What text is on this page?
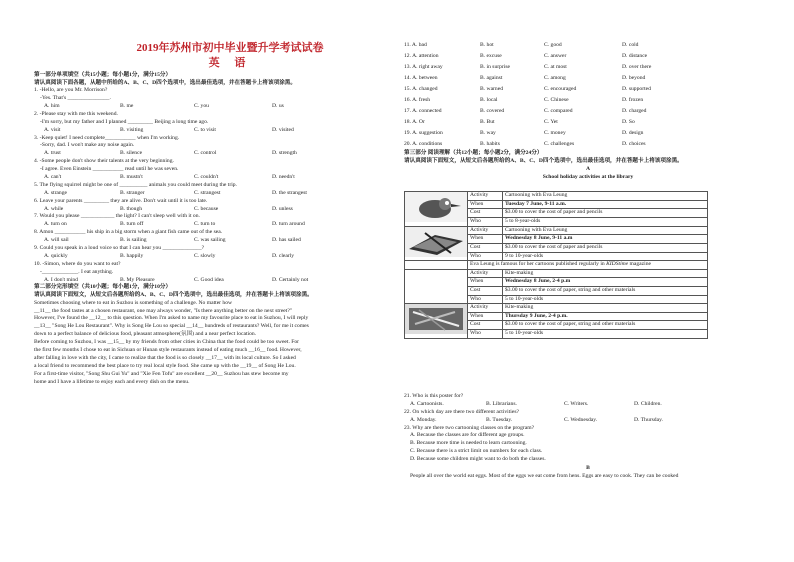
2019年苏州市初中毕业暨升学考试试卷
英 语
第一部分单项填空（共15小题；每小题1分，满分15分）
请认真阅读下面各题，从题中所给的A、B、C、D四个选项中，选出最佳选项，并在答题卡上将该项涂黑。
1. -Hello, are you Mr. Morrison?
-Yes. That's _______________.
A. him	B. me	C. you	D. us
2. -Please stay with me this weekend.
-I'm sorry, but my father and I planned _________ Beijing a long time ago.
A. visit	B. visiting	C. to visit	D. visited
3. -Keep quiet! I need complete___________ when I'm working.
-Sorry, dad. I won't make any noise again.
A. trust	B. silence	C. control	D. strength
4. -Some people don't show their talents at the very beginning.
-I agree. Even Einstein ___________ read until he was seven.
A. can't	B. mustn't	C. couldn't	D. needn't
5. The flying squirrel might be one of __________ animals you could meet during the trip.
A. strange	B. stranger	C. strangest	D. the strangest
6. Leave your parents _________ they are alive. Don't wait until it is too late.
A. while	B. though	C. because	D. unless
7. Would you please ____________ the light? I can't sleep well with it on.
A. turn on	B. turn off	C. turn to	D. turn around
8. Amon ___________ his ship in a big storm when a giant fish came out of the sea.
A. will sail	B. is sailing	C. was sailing	D. has sailed
9. Could you speak in a loud voice so that I can hear you ______________?
A. quickly	B. happily	C. slowly	D. clearly
10. -Simon, where do you want to eat?
-_____________. I eat anything.
A. I don't mind	B. My Pleasure	C. Good idea	D. Certainly not
第二部分完形填空（共10小题；每小题1分，满分10分）
请认真阅读下面短文，从短文后各题所给的A、B、C、D四个选项中，选出最佳选项，并在答题卡上将该项涂黑。
Sometimes choosing where to eat in Suzhou is something of a challenge. No matter how
__11__ the food tastes at a chosen restaurant, one may always wonder, "Is there anything better on the next street?"
However, I've found the __12__ to this question. When I'm asked to name my favourite place to eat in Suzhou, I will reply
__13__ "Song He Lou Restaurant". Why is Song He Lou so special __14__ hundreds of restaurants? Well, for me it comes
down to a perfect balance of delicious food, pleasant atmosphere(氛围) and a near perfect location.
Before coming to Suzhou, I was __15__ by my friends from other cities in China that the food could be too sweet. For
the first few months I chose to eat in Sichuan or Hunan style restaurants instead of eating much __16__ food. However,
after falling in love with the city, I came to realize that the food is so closely __17__ with its local culture. So I asked
a local friend to recommend the best place to try real local style food. She came up with the __19__ of Song He Lou.
For a first-time visitor, "Song Shu Gui Yu" and "Xie Fen Tofu" are excellent __20__ Suzhou has stew become my
home and I have a lifetime to enjoy each and every dish on the menu.
11. A. bad	B. hot	C. good	D. cold
12. A. attention	B. excuse	C. answer	D. distance
13. A. right away	B. in surprise	C. at most	D. over there
14. A. between	B. against	C. among	D. beyond
15. A. changed	B. warned	C. encouraged	D. supported
16. A. fresh	B. local	C. Chinese	D. frozen
17. A. connected	B. covered	C. compared	D. charged
18. A. Or	B. But	C. Yet	D. So
19. A. suggestion	B. way	C. money	D. design
20. A. conditions	B. habits	C. challenges	D. choices
第三部分 阅读理解（共12小题；每小题2分，满分24分）
请认真阅读下面短文，从短文后各题所给的A、B、C、D四个选项中，选出最佳选项，并在答题卡上将该项涂黑。
A
School holiday activities at the library
	Activity	Cartooning with Eva Leung
	When	Tuesday 7 June, 9-11 a.m.
	Cost	$3.00 to cover the cost of paper and pencils
	Who	5 to 8-year-olds
	Activity	Cartooning with Eva Leung
	When	Wednesday 8 June, 9-11 a.m
	Cost	$3.00 to cover the cost of paper and pencils
	Who	9 to 10-year-olds
	Eva Leung is famous for her cartoons published regularly in KIDStime magazine	
	Activity	Kite-making
	When	Wednesday 8 June, 2-4 p.m
	Cost	$3.00 to cover the cost of paper, string and other materials
	Who	5 to 10-year-olds
	Activity	Kite-making
	When	Thursday 9 June, 2-4 p.m.
	Cost	$3.00 to cover the cost of paper, string and other materials
	Who	5 to 10-year-olds
21. Who is this poster for?
A. Cartoonists.	B. Librarians.	C. Writers.	D. Children.
22. On which day are there two different activities?
A. Monday.	B. Tuesday.	C. Wednesday.	D. Thursday.
23. Why are there two cartooning classes on the program?
A. Because the classes are for different age groups.
B. Because more time is needed to learn cartooning.
C. Because there is a strict limit on numbers for each class.
D. Because some children might want to do both the classes.
B
People all over the world eat eggs. Most of the eggs we eat come from hens. Eggs are easy to cook. They can be cooked
